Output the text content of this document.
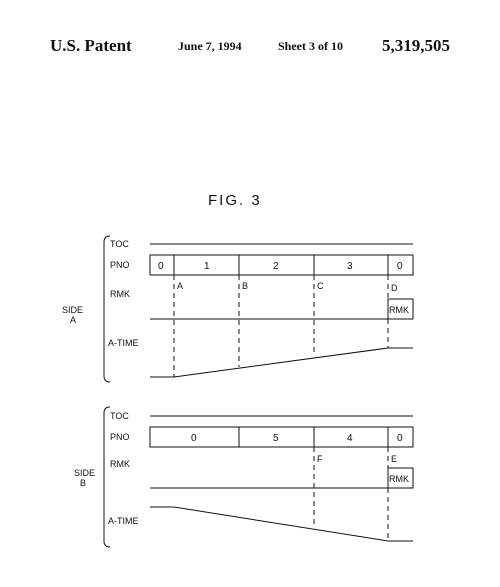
U.S. Patent	June 7, 1994	Sheet 3 of 10 5,319,505
FIG. 3
TOC
PNO
RMK
A-TIME
SIDE
A
0	1	2	3	0
A	B	C	D
RMK
TOC
PNO
RMK
A-TIME
SIDE
B
0	5	4	0
F	E
RMK
